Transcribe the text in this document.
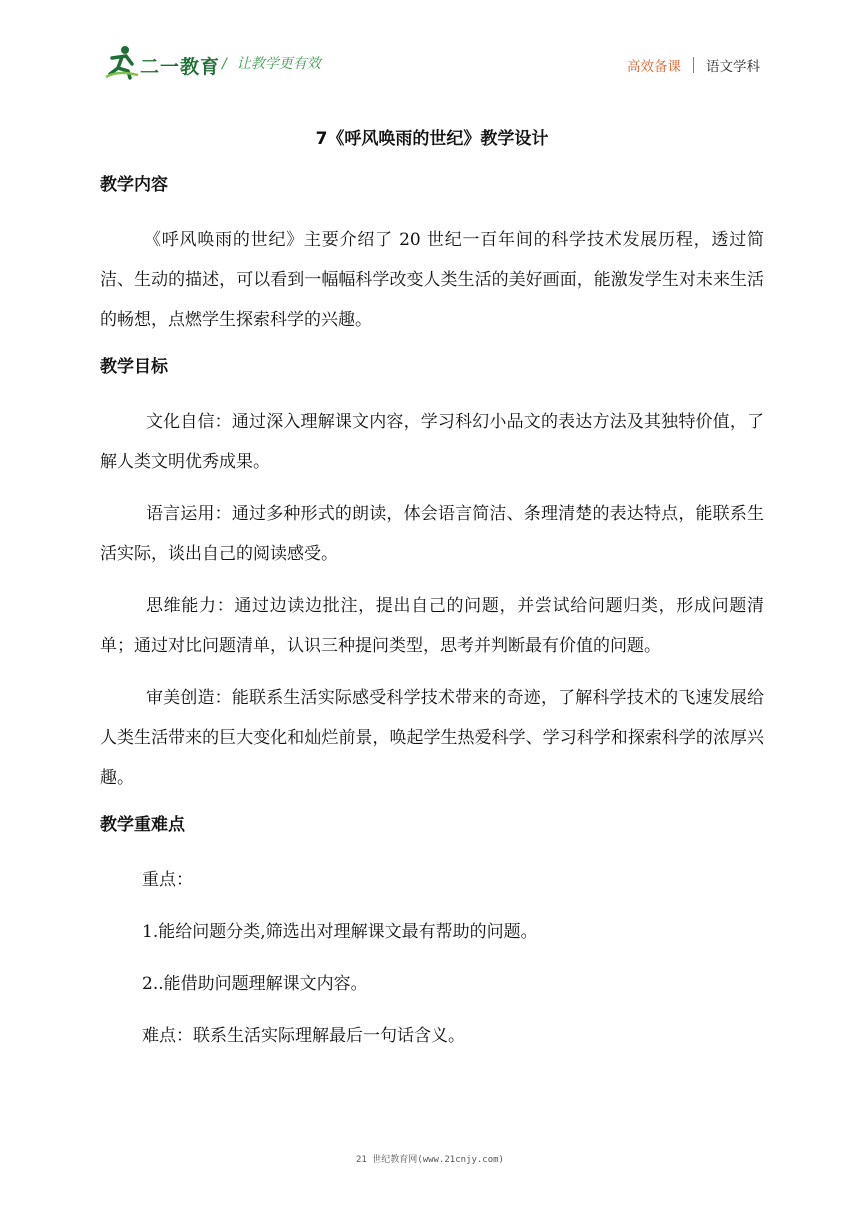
二一教育 / 让教学更有效	高效备课 语文学科
7《呼风唤雨的世纪》教学设计
教学内容

《呼风唤雨的世纪》主要介绍了 20 世纪一百年间的科学技术发展历程，透过简洁、生动的描述，可以看到一幅幅科学改变人类生活的美好画面，能激发学生对未来生活的畅想，点燃学生探索科学的兴趣。

教学目标

文化自信：通过深入理解课文内容，学习科幻小品文的表达方法及其独特价值，了解人类文明优秀成果。

语言运用：通过多种形式的朗读，体会语言简洁、条理清楚的表达特点，能联系生活实际，谈出自己的阅读感受。

思维能力：通过边读边批注，提出自己的问题，并尝试给问题归类，形成问题清单；通过对比问题清单，认识三种提问类型，思考并判断最有价值的问题。

审美创造：能联系生活实际感受科学技术带来的奇迹，了解科学技术的飞速发展给人类生活带来的巨大变化和灿烂前景，唤起学生热爱科学、学习科学和探索科学的浓厚兴趣。

教学重难点
重点：
1.能给问题分类,筛选出对理解课文最有帮助的问题。
2..能借助问题理解课文内容。
难点：联系生活实际理解最后一句话含义。
21 世纪教育网(www.21cnjy.com)
